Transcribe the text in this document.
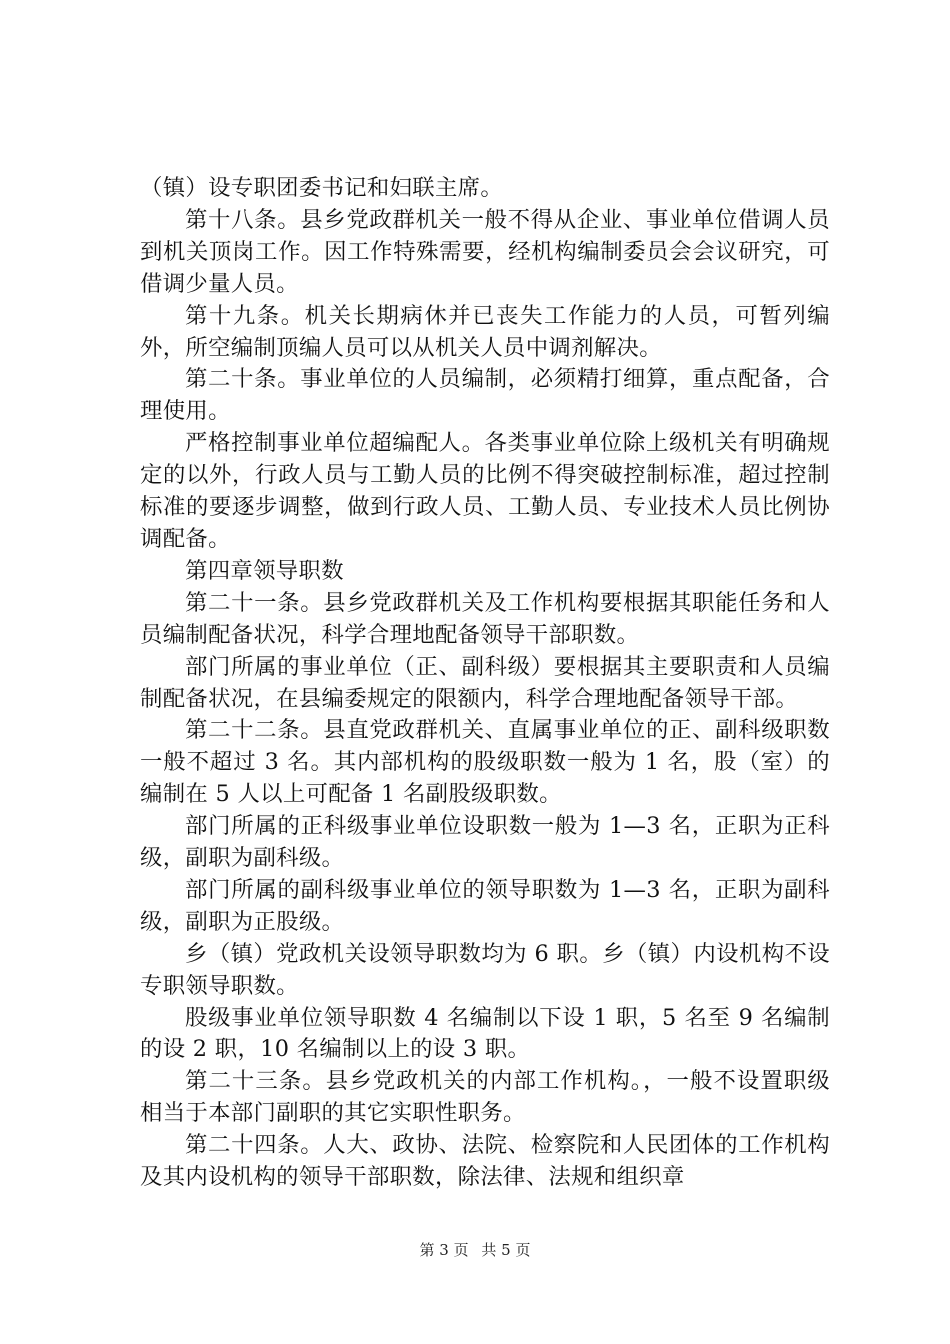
（镇）设专职团委书记和妇联主席。

第十八条。县乡党政群机关一般不得从企业、事业单位借调人员到机关顶岗工作。因工作特殊需要，经机构编制委员会会议研究，可借调少量人员。

第十九条。机关长期病休并已丧失工作能力的人员，可暂列编外，所空编制顶编人员可以从机关人员中调剂解决。

第二十条。事业单位的人员编制，必须精打细算，重点配备，合理使用。

严格控制事业单位超编配人。各类事业单位除上级机关有明确规定的以外，行政人员与工勤人员的比例不得突破控制标准，超过控制标准的要逐步调整，做到行政人员、工勤人员、专业技术人员比例协调配备。

第四章领导职数

第二十一条。县乡党政群机关及工作机构要根据其职能任务和人员编制配备状况，科学合理地配备领导干部职数。

部门所属的事业单位（正、副科级）要根据其主要职责和人员编制配备状况，在县编委规定的限额内，科学合理地配备领导干部。

第二十二条。县直党政群机关、直属事业单位的正、副科级职数一般不超过 3 名。其内部机构的股级职数一般为 1 名，股（室）的编制在 5 人以上可配备 1 名副股级职数。

部门所属的正科级事业单位设职数一般为 1—3 名，正职为正科级，副职为副科级。

部门所属的副科级事业单位的领导职数为 1—3 名，正职为副科级，副职为正股级。

乡（镇）党政机关设领导职数均为 6 职。乡（镇）内设机构不设专职领导职数。

股级事业单位领导职数 4 名编制以下设 1 职，5 名至 9 名编制的设 2 职，10 名编制以上的设 3 职。

第二十三条。县乡党政机关的内部工作机构。，一般不设置职级相当于本部门副职的其它实职性职务。

第二十四条。人大、政协、法院、检察院和人民团体的工作机构及其内设机构的领导干部职数，除法律、法规和组织章

第 3 页 共 5 页
